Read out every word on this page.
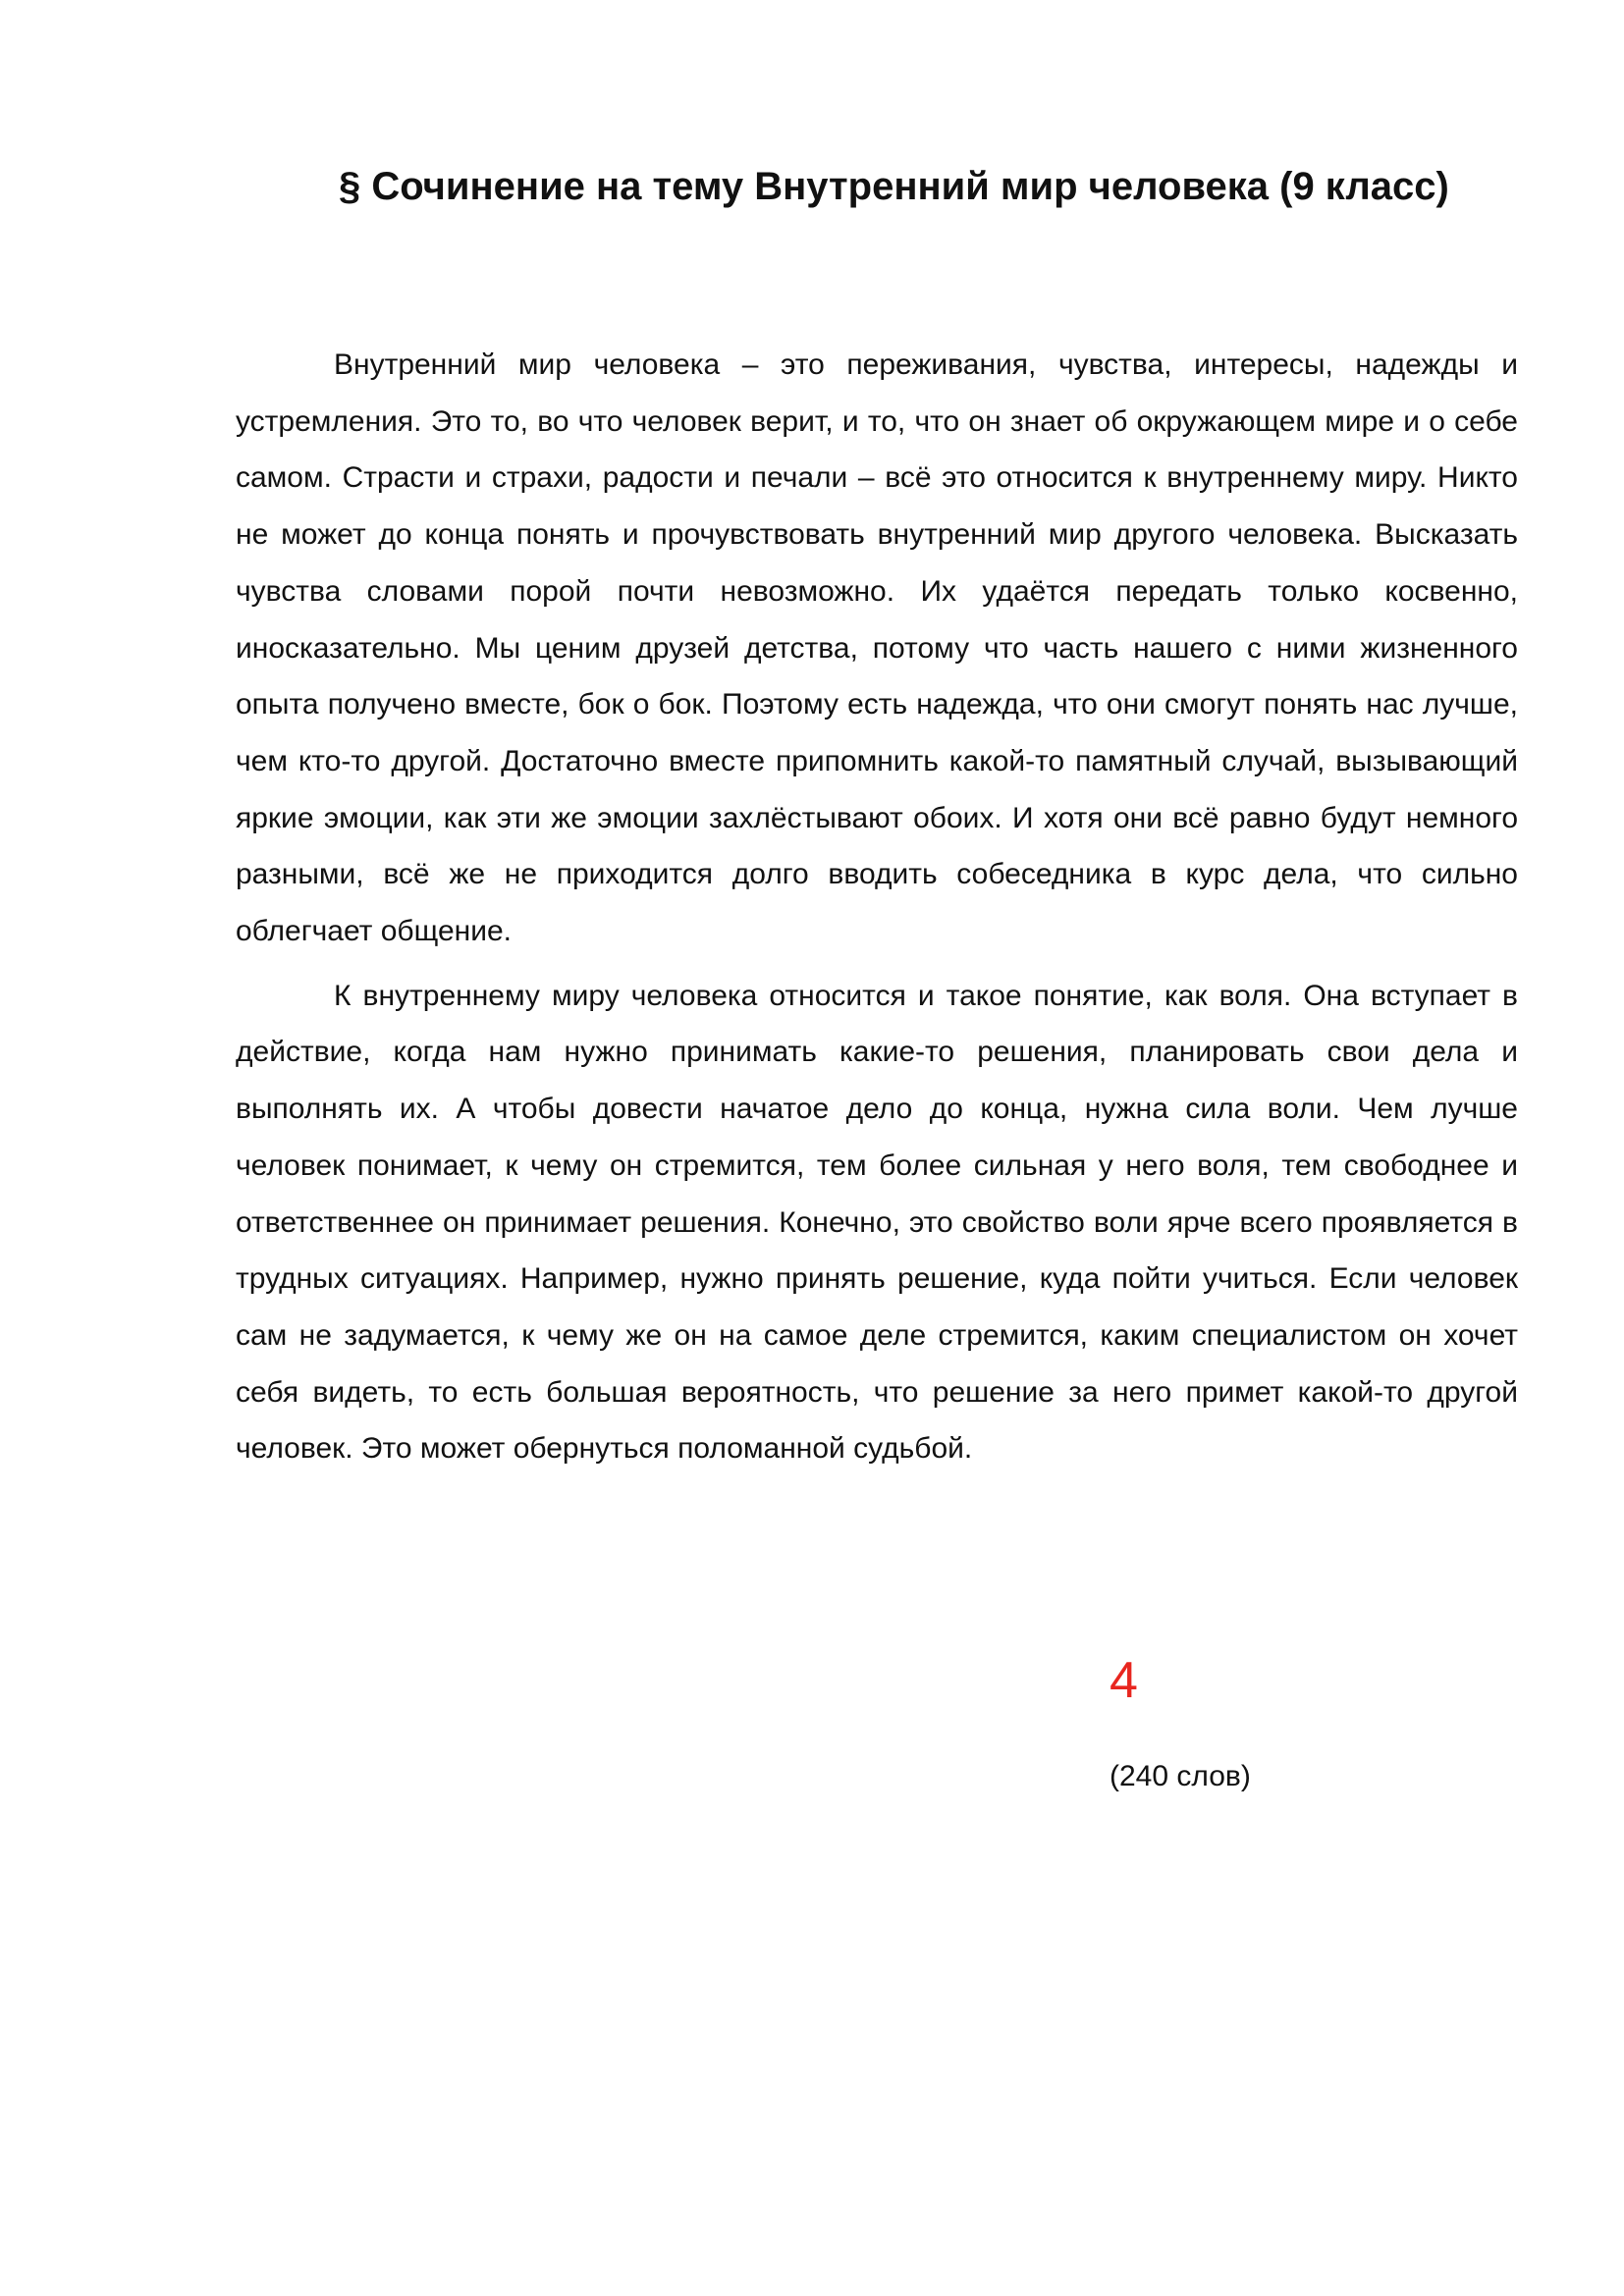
§ Сочинение на тему Внутренний мир человека (9 класс)

Внутренний мир человека – это переживания, чувства, интересы, надежды и устремления. Это то, во что человек верит, и то, что он знает об окружающем мире и о себе самом. Страсти и страхи, радости и печали – всё это относится к внутреннему миру. Никто не может до конца понять и прочувствовать внутренний мир другого человека. Высказать чувства словами порой почти невозможно. Их удаётся передать только косвенно, иносказательно. Мы ценим друзей детства, потому что часть нашего с ними жизненного опыта получено вместе, бок о бок. Поэтому есть надежда, что они смогут понять нас лучше, чем кто-то другой. Достаточно вместе припомнить какой-то памятный случай, вызывающий яркие эмоции, как эти же эмоции захлёстывают обоих. И хотя они всё равно будут немного разными, всё же не приходится долго вводить собеседника в курс дела, что сильно облегчает общение.

К внутреннему миру человека относится и такое понятие, как воля. Она вступает в действие, когда нам нужно принимать какие-то решения, планировать свои дела и выполнять их. А чтобы довести начатое дело до конца, нужна сила воли. Чем лучше человек понимает, к чему он стремится, тем более сильная у него воля, тем свободнее и ответственнее он принимает решения. Конечно, это свойство воли ярче всего проявляется в трудных ситуациях. Например, нужно принять решение, куда пойти учиться. Если человек сам не задумается, к чему же он на самое деле стремится, каким специалистом он хочет себя видеть, то есть большая вероятность, что решение за него примет какой-то другой человек. Это может обернуться поломанной судьбой.

4

(240 слов)
